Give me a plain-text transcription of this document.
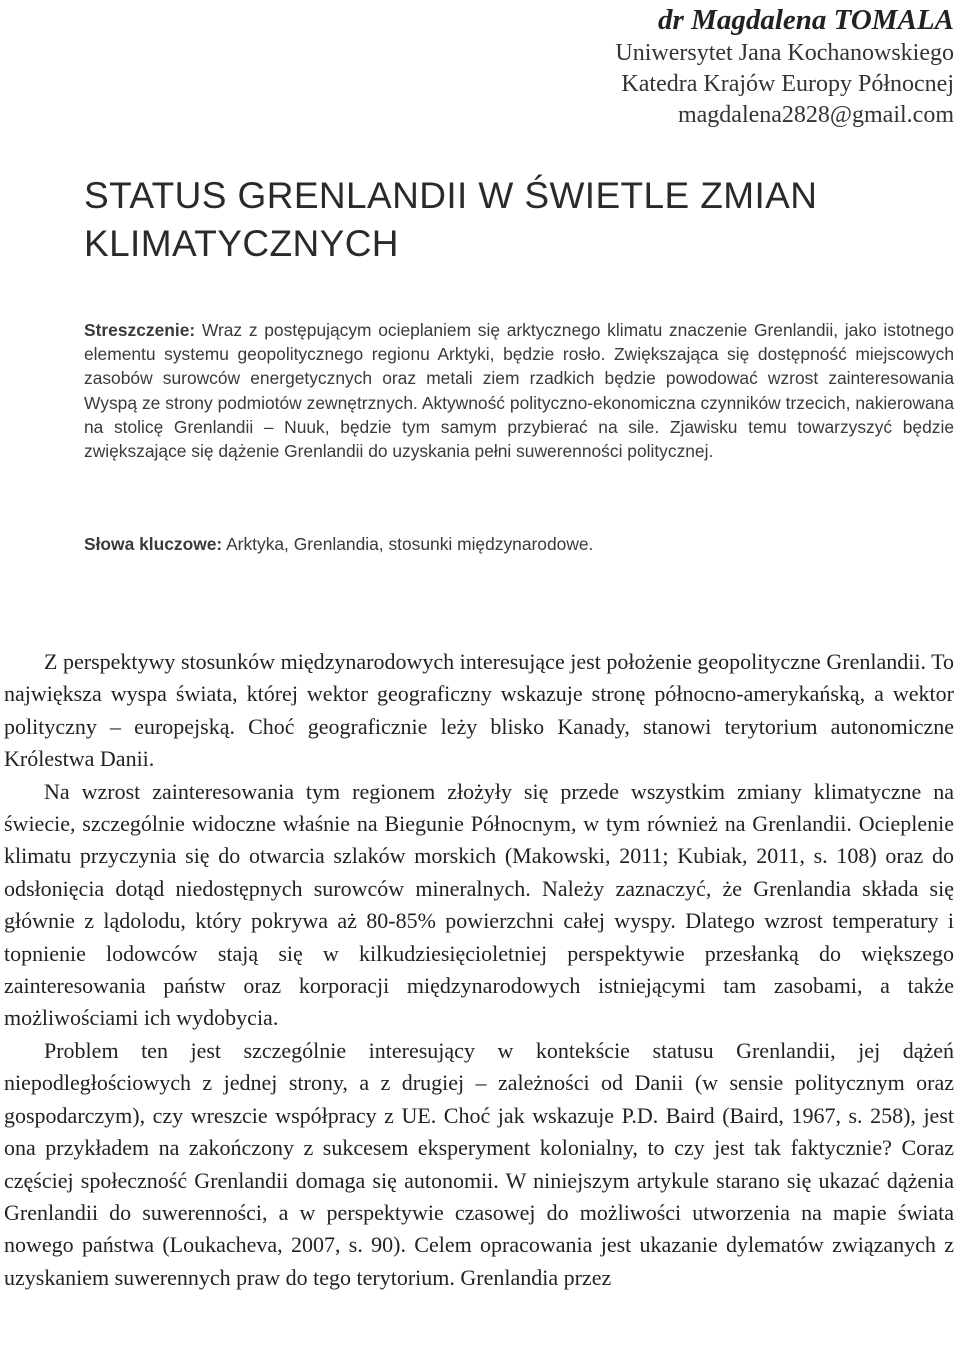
dr Magdalena TOMALA
Uniwersytet Jana Kochanowskiego
Katedra Krajów Europy Północnej
magdalena2828@gmail.com
STATUS GRENLANDII W ŚWIETLE ZMIAN KLIMATYCZNYCH

Streszczenie: Wraz z postępującym ocieplaniem się arktycznego klimatu znaczenie Grenlandii, jako istotnego elementu systemu geopolitycznego regionu Arktyki, będzie rosło. Zwiększająca się dostępność miejscowych zasobów surowców energetycznych oraz metali ziem rzadkich będzie powodować wzrost zainteresowania Wyspą ze strony podmiotów zewnętrznych. Aktywność polityczno-ekonomiczna czynników trzecich, nakierowana na stolicę Grenlandii – Nuuk, będzie tym samym przybierać na sile. Zjawisku temu towarzyszyć będzie zwiększające się dążenie Grenlandii do uzyskania pełni suwerenności politycznej.

Słowa kluczowe: Arktyka, Grenlandia, stosunki międzynarodowe.

Z perspektywy stosunków międzynarodowych interesujące jest położenie geopolityczne Grenlandii. To największa wyspa świata, której wektor geograficzny wskazuje stronę północno-amerykańską, a wektor polityczny – europejską. Choć geograficznie leży blisko Kanady, stanowi terytorium autonomiczne Królestwa Danii.

Na wzrost zainteresowania tym regionem złożyły się przede wszystkim zmiany klimatyczne na świecie, szczególnie widoczne właśnie na Biegunie Północnym, w tym również na Grenlandii. Ocieplenie klimatu przyczynia się do otwarcia szlaków morskich (Makowski, 2011; Kubiak, 2011, s. 108) oraz do odsłonięcia dotąd niedostępnych surowców mineralnych. Należy zaznaczyć, że Grenlandia składa się głównie z lądolodu, który pokrywa aż 80-85% powierzchni całej wyspy. Dlatego wzrost temperatury i topnienie lodowców stają się w kilkudziesięcioletniej perspektywie przesłanką do większego zainteresowania państw oraz korporacji międzynarodowych istniejącymi tam zasobami, a także możliwościami ich wydobycia.

Problem ten jest szczególnie interesujący w kontekście statusu Grenlandii, jej dążeń niepodległościowych z jednej strony, a z drugiej – zależności od Danii (w sensie politycznym oraz gospodarczym), czy wreszcie współpracy z UE. Choć jak wskazuje P.D. Baird (Baird, 1967, s. 258), jest ona przykładem na zakończony z sukcesem eksperyment kolonialny, to czy jest tak faktycznie? Coraz częściej społeczność Grenlandii domaga się autonomii. W niniejszym artykule starano się ukazać dążenia Grenlandii do suwerenności, a w perspektywie czasowej do możliwości utworzenia na mapie świata nowego państwa (Loukacheva, 2007, s. 90). Celem opracowania jest ukazanie dylematów związanych z uzyskaniem suwerennych praw do tego terytorium. Grenlandia przez
